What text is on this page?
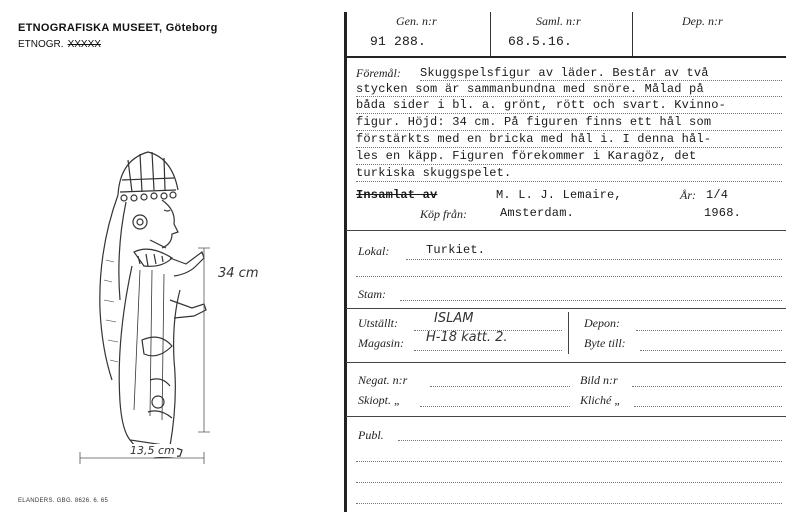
ETNOGRAFISKA MUSEET, Göteborg
ETNOGR. XXXXX
34 cm
13,5 cm
ELANDERS. GBG. 8626. 6. 65
Gen. n:r
91 288.
Saml. n:r
68.5.16.
Dep. n:r
Föremål: Skuggspelsfigur av läder. Består av två
stycken som är sammanbundna med snöre. Målad på
båda sider i bl. a. grönt, rött och svart. Kvinno-
figur. Höjd: 34 cm. På figuren finns ett hål som
förstärkts med en bricka med hål i. I denna hål-
les en käpp. Figuren förekommer i Karagöz, det
turkiska skuggspelet.
Insamlat av	M. L. J. Lemaire,	År: 1/4
Köp från:	Amsterdam.	1968.
Lokal:	Turkiet.
Stam:
Utställt:	ISLAM
Magasin: H-18 katt. 2.
Depon:
Byte till:
Negat. n:r	Bild n:r
Skiopt. „	Kliché „
Publ.
